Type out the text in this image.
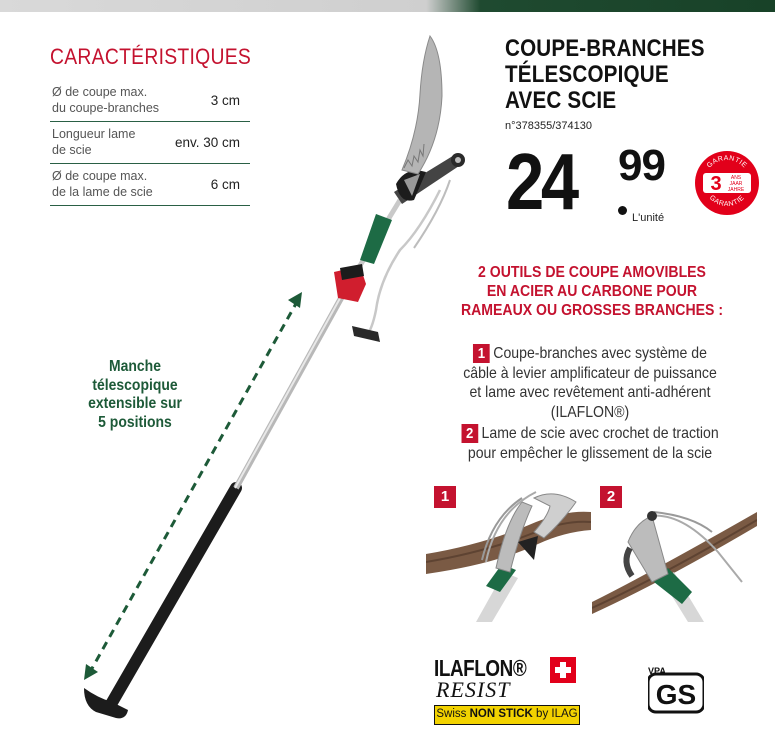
CARACTÉRISTIQUES
Ø de coupe max.
du coupe-branches
3 cm
Longueur lame
de scie
env. 30 cm
Ø de coupe max.
de la lame de scie
6 cm
Manche
télescopique
extensible sur
5 positions
COUPE-BRANCHES
TÉLESCOPIQUE
AVEC SCIE
n°378355/374130
24 99
L'unité
GARANTIE
GARANTIE
3 ANS
JAAR
JAHRE
2 OUTILS DE COUPE AMOVIBLES
EN ACIER AU CARBONE POUR
RAMEAUX OU GROSSES BRANCHES :
1 Coupe-branches avec système de
câble à levier amplificateur de puissance
et lame avec revêtement anti-adhérent
(ILAFLON®)
2 Lame de scie avec crochet de traction
pour empêcher le glissement de la scie
1	2
ILAFLON®
RESIST
Swiss NON STICK by ILAG
GS
VPA
